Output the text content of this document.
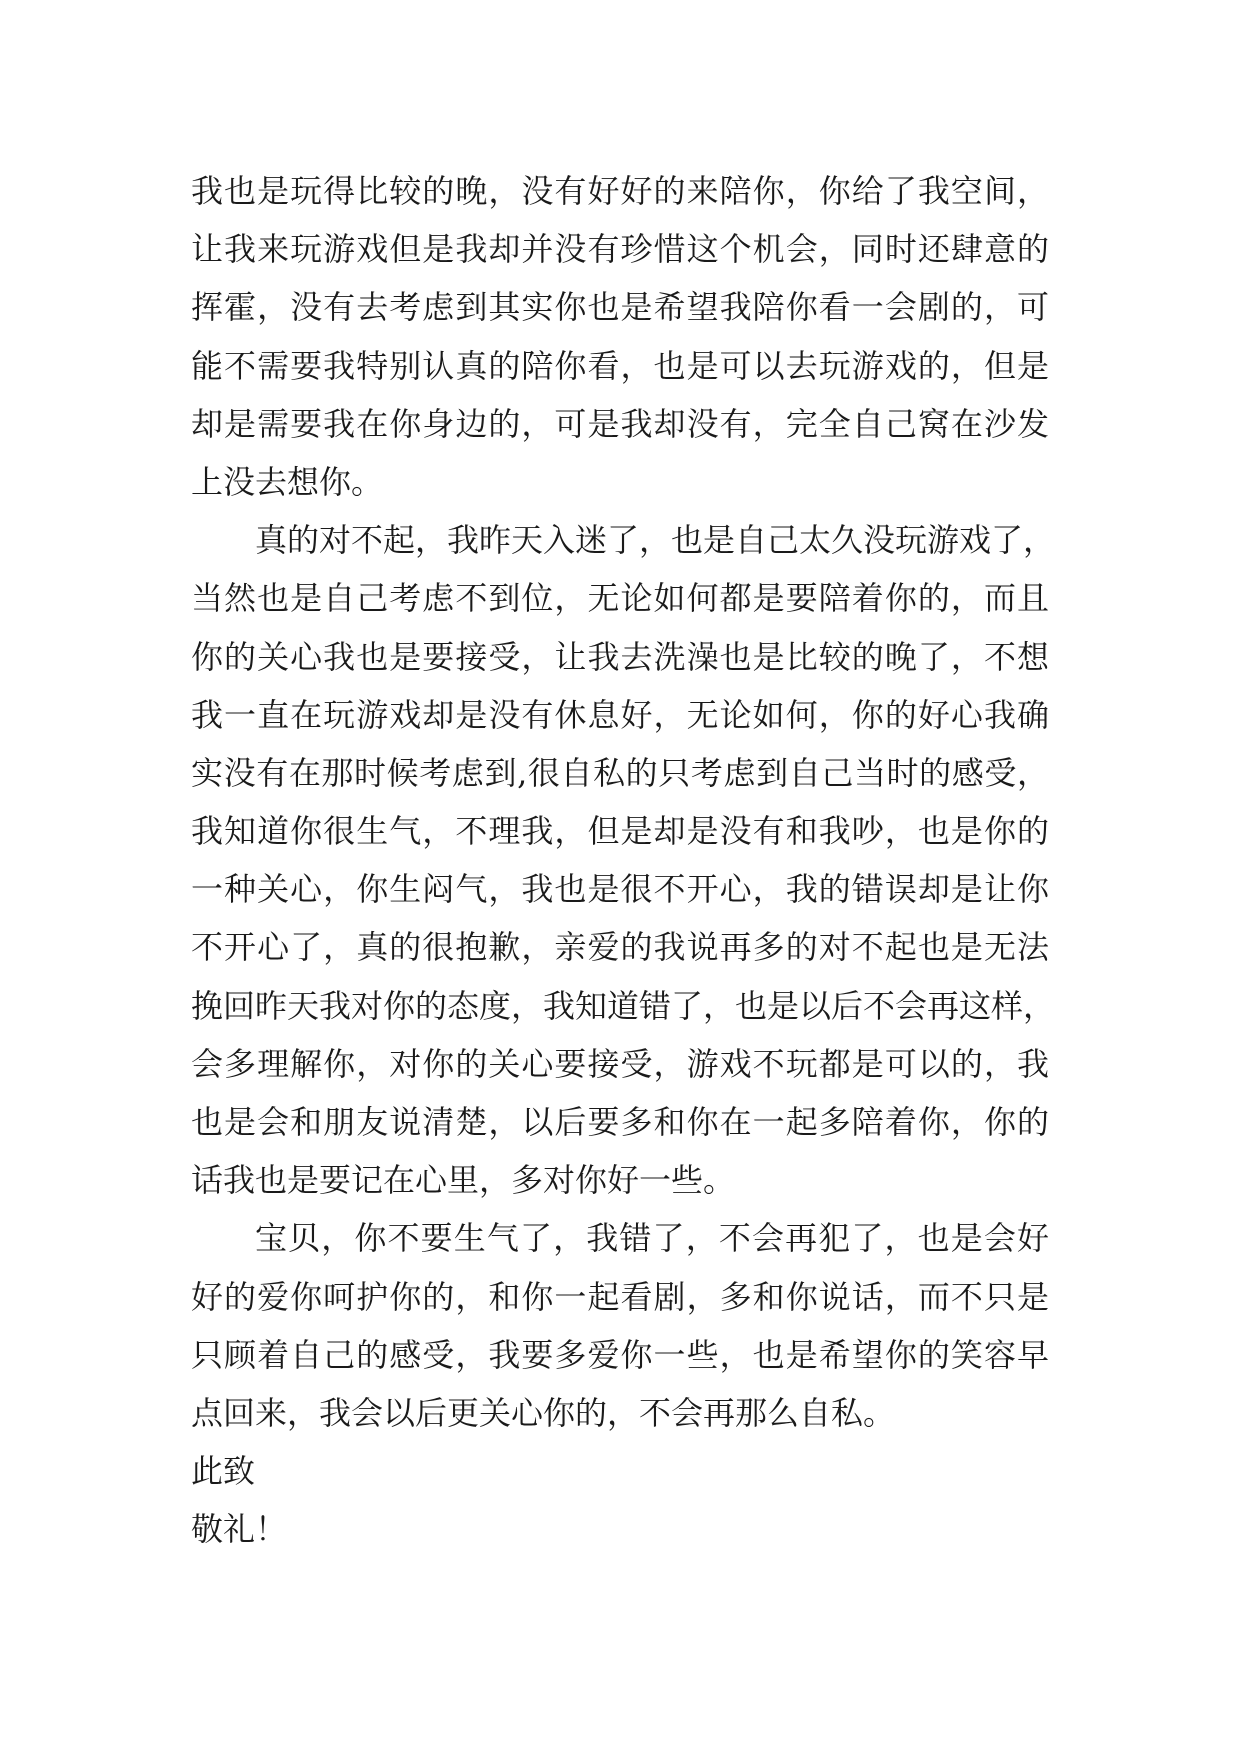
我也是玩得比较的晚，没有好好的来陪你，你给了我空间，
让我来玩游戏但是我却并没有珍惜这个机会，同时还肆意的
挥霍，没有去考虑到其实你也是希望我陪你看一会剧的，可
能不需要我特别认真的陪你看，也是可以去玩游戏的，但是
却是需要我在你身边的，可是我却没有，完全自己窝在沙发
上没去想你。
真的对不起，我昨天入迷了，也是自己太久没玩游戏了，
当然也是自己考虑不到位，无论如何都是要陪着你的，而且
你的关心我也是要接受，让我去洗澡也是比较的晚了，不想
我一直在玩游戏却是没有休息好，无论如何，你的好心我确
实没有在那时候考虑到,很自私的只考虑到自己当时的感受，
我知道你很生气，不理我，但是却是没有和我吵，也是你的
一种关心，你生闷气，我也是很不开心，我的错误却是让你
不开心了，真的很抱歉，亲爱的我说再多的对不起也是无法
挽回昨天我对你的态度，我知道错了，也是以后不会再这样，
会多理解你，对你的关心要接受，游戏不玩都是可以的，我
也是会和朋友说清楚，以后要多和你在一起多陪着你，你的
话我也是要记在心里，多对你好一些。
宝贝，你不要生气了，我错了，不会再犯了，也是会好
好的爱你呵护你的，和你一起看剧，多和你说话，而不只是
只顾着自己的感受，我要多爱你一些，也是希望你的笑容早
点回来，我会以后更关心你的，不会再那么自私。
此致
敬礼！
